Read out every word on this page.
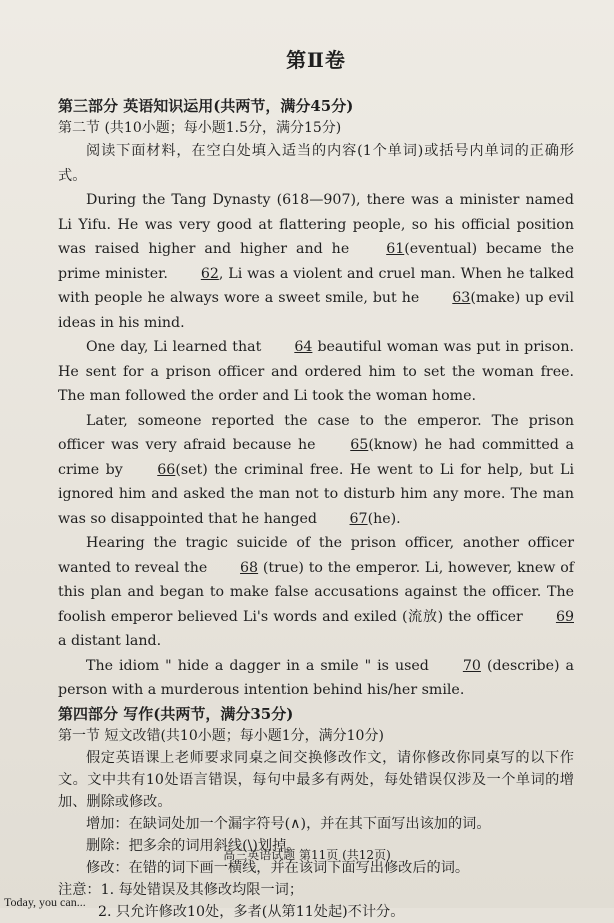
第Ⅱ卷
第三部分 英语知识运用(共两节，满分45分)
第二节 (共10小题；每小题1.5分，满分15分)

阅读下面材料，在空白处填入适当的内容(1个单词)或括号内单词的正确形式。

During the Tang Dynasty (618—907), there was a minister named Li Yifu. He was very good at flattering people, so his official position was raised higher and higher and he	61(eventual) became the prime minister. 62, Li was a violent and cruel man. When he talked with people he always wore a sweet smile, but he 63(make) up evil ideas in his mind.

One day, Li learned that 64 beautiful woman was put in prison. He sent for a prison officer and ordered him to set the woman free. The man followed the order and Li took the woman home.

Later, someone reported the case to the emperor. The prison officer was very afraid because he 65(know) he had committed a crime by 66(set) the criminal free. He went to Li for help, but Li ignored him and asked the man not to disturb him any more. The man was so disappointed that he hanged 67(he).

Hearing the tragic suicide of the prison officer, another officer wanted to reveal the 68 (true) to the emperor. Li, however, knew of this plan and began to make false accusations against the officer. The foolish emperor believed Li's words and exiled (流放) the officer 69 a distant land.

The idiom " hide a dagger in a smile " is used 70 (describe) a person with a murderous intention behind his/her smile.

第四部分 写作(共两节，满分35分)
第一节 短文改错(共10小题；每小题1分，满分10分)

假定英语课上老师要求同桌之间交换修改作文，请你修改你同桌写的以下作文。文中共有10处语言错误，每句中最多有两处，每处错误仅涉及一个单词的增加、删除或修改。

增加：在缺词处加一个漏字符号(∧)，并在其下面写出该加的词。

删除：把多余的词用斜线(\)划掉。

修改：在错的词下画一横线，并在该词下面写出修改后的词。

注意：1. 每处错误及其修改均限一词；

2. 只允许修改10处，多者(从第11处起)不计分。

高三英语试题 第11页 (共12页)
Today, you can...
